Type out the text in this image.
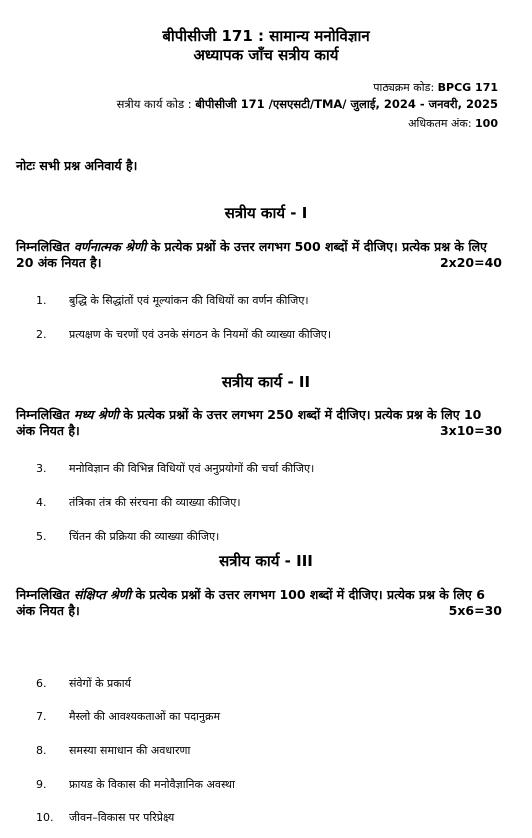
बीपीसीजी 171 : सामान्य मनोविज्ञान
अध्यापक जाँच सत्रीय कार्य
पाठ्यक्रम कोड: BPCG 171
सत्रीय कार्य कोड : बीपीसीजी 171 /एसएसटी/TMA/ जुलाई, 2024 - जनवरी, 2025
अधिकतम अंक: 100
नोटः सभी प्रश्न अनिवार्य है।
सत्रीय कार्य - I
निम्नलिखित वर्णनात्मक श्रेणी के प्रत्येक प्रश्नों के उत्तर लगभग 500 शब्दों में दीजिए। प्रत्येक प्रश्न के लिए 20 अंक नियत है।	2x20=40
1. बुद्धि के सिद्धांतों एवं मूल्यांकन की विधियों का वर्णन कीजिए।
2. प्रत्यक्षण के चरणों एवं उनके संगठन के नियमों की व्याख्या कीजिए।
सत्रीय कार्य - II
निम्नलिखित मध्य श्रेणी के प्रत्येक प्रश्नों के उत्तर लगभग 250 शब्दों में दीजिए। प्रत्येक प्रश्न के लिए 10 अंक नियत है।	3x10=30
3. मनोविज्ञान की विभिन्न विधियों एवं अनुप्रयोगों की चर्चा कीजिए।
4. तंत्रिका तंत्र की संरचना की व्याख्या कीजिए।
5. चिंतन की प्रक्रिया की व्याख्या कीजिए।
सत्रीय कार्य - III
निम्नलिखित संक्षिप्त श्रेणी के प्रत्येक प्रश्नों के उत्तर लगभग 100 शब्दों में दीजिए। प्रत्येक प्रश्न के लिए 6 अंक नियत है।	5x6=30
6. संवेगों के प्रकार्य
7. मैस्लो की आवश्यकताओं का पदानुक्रम
8. समस्या समाधान की अवधारणा
9. फ्रायड के विकास की मनोवैज्ञानिक अवस्था
10. जीवन–विकास पर परिप्रेक्ष्य
